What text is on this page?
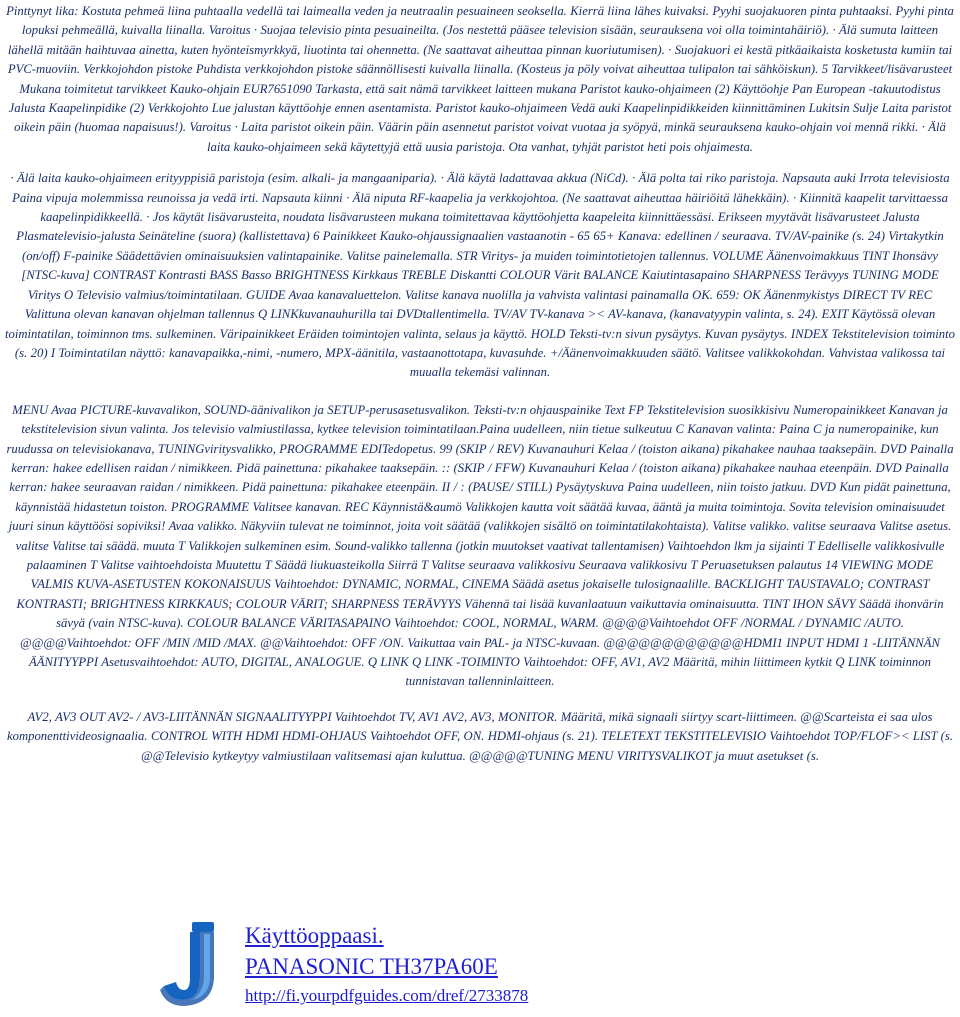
Pinttynyt lika: Kostuta pehmeä liina puhtaalla vedellä tai laimealla veden ja neutraalin pesuaineen seoksella. Kierrä liina lähes kuivaksi. Pyyhi suojakuoren pinta puhtaaksi. Pyyhi pinta lopuksi pehmeällä, kuivalla liinalla. Varoitus · Suojaa televisio pinta pesuaineilta. (Jos nestettä pääsee television sisään, seurauksena voi olla toimintahäiriö). · Älä sumuta laitteen lähellä mitään haihtuvaa ainetta, kuten hyönteismyrkkyä, liuotinta tai ohennetta. (Ne saattavat aiheuttaa pinnan kuoriutumisen). · Suojakuori ei kestä pitkäaikaista kosketusta kumiin tai PVC-muoviin. Verkkojohdon pistoke Puhdista verkkojohdon pistoke säännöllisesti kuivalla liinalla. (Kosteus ja pöly voivat aiheuttaa tulipalon tai sähköiskun). 5 Tarvikkeet/lisävarusteet Mukana toimitetut tarvikkeet Kauko-ohjain EUR7651090 Tarkasta, että sait nämä tarvikkeet laitteen mukana Paristot kauko-ohjaimeen (2) Käyttöohje Pan European -takuutodistus Jalusta Kaapelinpidike (2) Verkkojohto Lue jalustan käyttöohje ennen asentamista. Paristot kauko-ohjaimeen Vedä auki Kaapelinpidikkeiden kiinnittäminen Lukitsin Sulje Laita paristot oikein päin (huomaa napaisuus!). Varoitus · Laita paristot oikein päin. Väärin päin asennetut paristot voivat vuotaa ja syöpyä, minkä seurauksena kauko-ohjain voi mennä rikki. · Älä laita kauko-ohjaimeen sekä käytettyjä että uusia paristoja. Ota vanhat, tyhjät paristot heti pois ohjaimesta.

· Älä laita kauko-ohjaimeen erityyppisiä paristoja (esim. alkali- ja mangaaniparia). · Älä käytä ladattavaa akkua (NiCd). · Älä polta tai riko paristoja. Napsauta auki Irrota televisiosta Paina vipuja molemmissa reunoissa ja vedä irti. Napsauta kiinni · Älä niputa RF-kaapelia ja verkkojohtoa. (Ne saattavat aiheuttaa häiriöitä lähekkäin). · Kiinnitä kaapelit tarvittaessa kaapelinpidikkeellä. · Jos käytät lisävarusteita, noudata lisävarusteen mukana toimitettavaa käyttöohjetta kaapeleita kiinnittäessäsi. Erikseen myytävät lisävarusteet Jalusta Plasmatelevisio-jalusta Seinäteline (suora) (kallistettava) 6 Painikkeet Kauko-ohjaussignaalien vastaanotin - 65 65+ Kanava: edellinen / seuraava. TV/AV-painike (s. 24) Virtakytkin (on/off) F-painike Säädettävien ominaisuuksien valintapainike. Valitse painelemalla. STR Viritys- ja muiden toimintotietojen tallennus. VOLUME Äänenvoimakkuus TINT Ihonsävy [NTSC-kuva] CONTRAST Kontrasti BASS Basso BRIGHTNESS Kirkkaus TREBLE Diskantti COLOUR Värit BALANCE Kaiutintasapaino SHARPNESS Terävyys TUNING MODE Viritys O Televisio valmius/toimintatilaan. GUIDE Avaa kanavaluettelon. Valitse kanava nuolilla ja vahvista valintasi painamalla OK. 659: OK Äänenmykistys DIRECT TV REC Valittuna olevan kanavan ohjelman tallennus Q LINKkuvanauhurilla tai DVDtallentimella. TV/AV TV-kanava >< AV-kanava, (kanavatyypin valinta, s. 24). EXIT Käytössä olevan toimintatilan, toiminnon tms. sulkeminen. Väripainikkeet Eräiden toimintojen valinta, selaus ja käyttö. HOLD Teksti-tv:n sivun pysäytys. Kuvan pysäytys. INDEX Tekstitelevision toiminto (s. 20) I Toimintatilan näyttö: kanavapaikka,-nimi, -numero, MPX-äänitila, vastaanottotapa, kuvasuhde. +/Äänenvoimakkuuden säätö. Valitsee valikkokohdan. Vahvistaa valikossa tai muualla tekemäsi valinnan.

MENU Avaa PICTURE-kuvavalikon, SOUND-äänivalikon ja SETUP-perusasetusvalikon. Teksti-tv:n ohjauspainike Text FP Tekstitelevision suosikkisivu Numeropainikkeet Kanavan ja tekstitelevision sivun valinta. Jos televisio valmiustilassa, kytkee television toimintatilaan.Paina uudelleen, niin tietue sulkeutuu C Kanavan valinta: Paina C ja numeropainike, kun ruudussa on televisiokanava, TUNINGviritysvalikko, PROGRAMME EDITedopetus. 99 (SKIP / REV) Kuvanauhuri Kelaa / (toiston aikana) pikahakee nauhaa taaksepäin. DVD Painalla kerran: hakee edellisen raidan / nimikkeen. Pidä painettuna: pikahakee taaksepäin. :: (SKIP / FFW) Kuvanauhuri Kelaa / (toiston aikana) pikahakee nauhaa eteenpäin. DVD Painalla kerran: hakee seuraavan raidan / nimikkeen. Pidä painettuna: pikahakee eteenpäin. II / : (PAUSE/ STILL) Pysäytyskuva Paina uudelleen, niin toisto jatkuu. DVD Kun pidät painettuna, käynnistää hidastetun toiston. PROGRAMME Valitsee kanavan. REC Käynnistä&aumö Valikkojen kautta voit säätää kuvaa, ääntä ja muita toimintoja. Sovita television ominaisuudet juuri sinun käyttöösi sopiviksi! Avaa valikko. Näkyviin tulevat ne toiminnot, joita voit säätää (valikkojen sisältö on toimintatilakohtaista). Valitse valikko. valitse seuraava Valitse asetus. valitse Valitse tai säädä. muuta T Valikkojen sulkeminen esim. Sound-valikko tallenna (jotkin muutokset vaativat tallentamisen) Vaihtoehdon lkm ja sijainti T Edelliselle valikkosivulle palaaminen T Valitse vaihtoehdoista Muutettu T Säädä liukuasteikolla Siirrä T Valitse seuraava valikkosivu Seuraava valikkosivu T Peruasetuksen palautus 14 VIEWING MODE VALMIS KUVA-ASETUSTEN KOKONAISUUS Vaihtoehdot: DYNAMIC, NORMAL, CINEMA Säädä asetus jokaiselle tulosignaalille. BACKLIGHT TAUSTAVALO; CONTRAST KONTRASTI; BRIGHTNESS KIRKKAUS; COLOUR VÄRIT; SHARPNESS TERÄVYYS Vähennä tai lisää kuvanlaatuun vaikuttavia ominaisuutta. TINT IHON SÄVY Säädä ihonvärin sävyä (vain NTSC-kuva). COLOUR BALANCE VÄRITASAPAINO Vaihtoehdot: COOL, NORMAL, WARM. @@@@Vaihtoehdot OFF /NORMAL / DYNAMIC /AUTO. @@@@Vaihtoehdot: OFF /MIN /MID /MAX. @@Vaihtoehdot: OFF /ON. Vaikuttaa vain PAL- ja NTSC-kuvaan. @@@@@@@@@@@@HDMI1 INPUT HDMI 1 -LIITÄNNÄN ÄÄNITYYPPI Asetusvaihtoehdot: AUTO, DIGITAL, ANALOGUE. Q LINK Q LINK -TOIMINTO Vaihtoehdot: OFF, AV1, AV2 Määritä, mihin liittimeen kytkit Q LINK toiminnon tunnistavan tallenninlaitteen.

AV2, AV3 OUT AV2- / AV3-LIITÄNNÄN SIGNAALITYYPPI Vaihtoehdot TV, AV1 AV2, AV3, MONITOR. Määritä, mikä signaali siirtyy scart-liittimeen. @@Scarteista ei saa ulos komponenttivideosignaalia. CONTROL WITH HDMI HDMI-OHJAUS Vaihtoehdot OFF, ON. HDMI-ohjaus (s. 21). TELETEXT TEKSTITELEVISIO Vaihtoehdot TOP/FLOF>< LIST (s. @@Televisio kytkeytyy valmiustilaan valitsemasi ajan kuluttua. @@@@@TUNING MENU VIRITYSVALIKOT ja muut asetukset (s.

Käyttöoppaasi.
PANASONIC TH37PA60E
http://fi.yourpdfguides.com/dref/2733878
